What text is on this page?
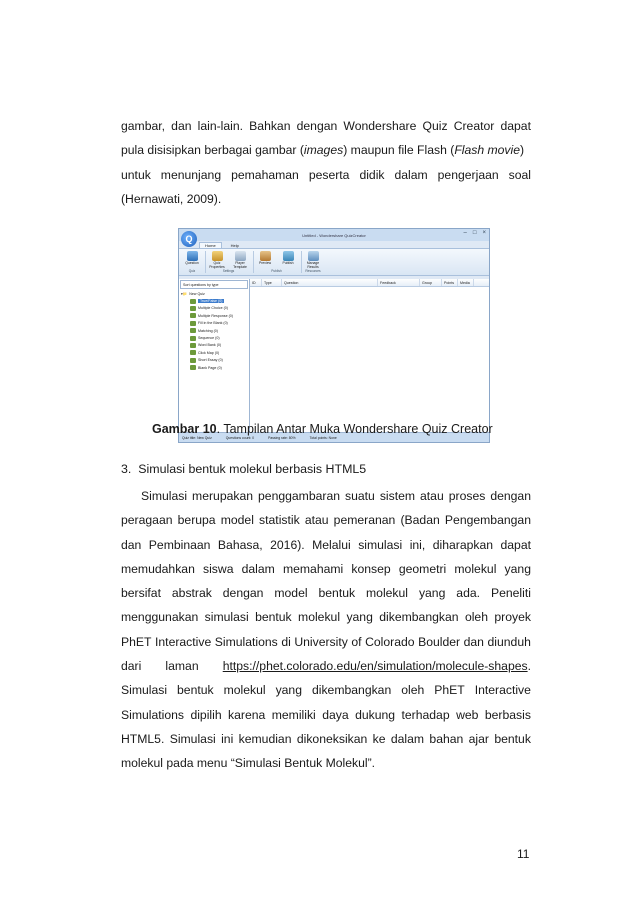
gambar, dan lain-lain. Bahkan dengan Wondershare Quiz Creator dapat
pula disisipkan berbagai gambar ( images ) maupun file Flash ( Flash movie )
untuk menunjang pemahaman peserta didik dalam pengerjaan soal
(Hernawati, 2009).
Q	Untitled - Wondershare QuizCreator	– □ ×
Home	Help
Question
Quiz
Quiz Properties
Player Template
Settings
Preview	Publish
Publish
Manage Results
Resources
Sort questions by type
▾📁 New Quiz
True/False (0)
Multiple Choice (0)
Multiple Response (0)
Fill in the Blank (0)
Matching (0)
Sequence (0)
Word Bank (0)
Click Map (0)
Short Essay (0)
Blank Page (0)
ID	Type	Question	Feedback	Group	Points	Media
Quiz title: New Quiz	Questions count: 0	Passing rate: 80%	Total points: None
Gambar 10. Tampilan Antar Muka Wondershare Quiz Creator
3. Simulasi bentuk molekul berbasis HTML5
Simulasi merupakan penggambaran suatu sistem atau proses dengan
peragaan berupa model statistik atau pemeranan (Badan Pengembangan
dan Pembinaan Bahasa, 2016). Melalui simulasi ini, diharapkan dapat
memudahkan siswa dalam memahami konsep geometri molekul yang
bersifat abstrak dengan model bentuk molekul yang ada. Peneliti
menggunakan simulasi bentuk molekul yang dikembangkan oleh proyek
PhET Interactive Simulations di University of Colorado Boulder dan diunduh
dari laman https://phet.colorado.edu/en/simulation/molecule-shapes.
Simulasi bentuk molekul yang dikembangkan oleh PhET Interactive
Simulations dipilih karena memiliki daya dukung terhadap web berbasis
HTML5. Simulasi ini kemudian dikoneksikan ke dalam bahan ajar bentuk
molekul pada menu “Simulasi Bentuk Molekul”.
11
